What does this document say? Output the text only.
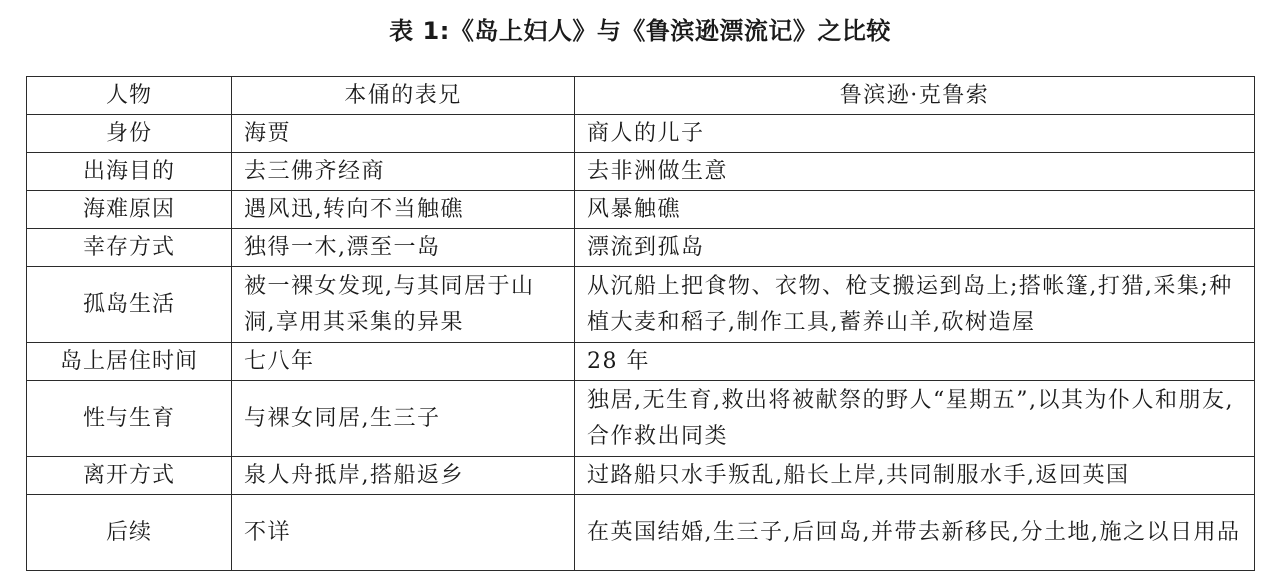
表 1:《岛上妇人》与《鲁滨逊漂流记》之比较
人物	本俑的表兄	鲁滨逊·克鲁索
身份	海贾	商人的儿子
出海目的	去三佛齐经商	去非洲做生意
海难原因	遇风迅,转向不当触礁	风暴触礁
幸存方式	独得一木,漂至一岛	漂流到孤岛
孤岛生活	被一裸女发现,与其同居于山洞,享用其采集的异果	从沉船上把食物、衣物、枪支搬运到岛上;搭帐篷,打猎,采集;种植大麦和稻子,制作工具,蓄养山羊,砍树造屋
岛上居住时间	七八年	28 年
性与生育	与裸女同居,生三子	独居,无生育,救出将被献祭的野人“星期五”,以其为仆人和朋友,合作救出同类
离开方式	泉人舟抵岸,搭船返乡	过路船只水手叛乱,船长上岸,共同制服水手,返回英国
后续	不详	在英国结婚,生三子,后回岛,并带去新移民,分土地,施之以日用品
